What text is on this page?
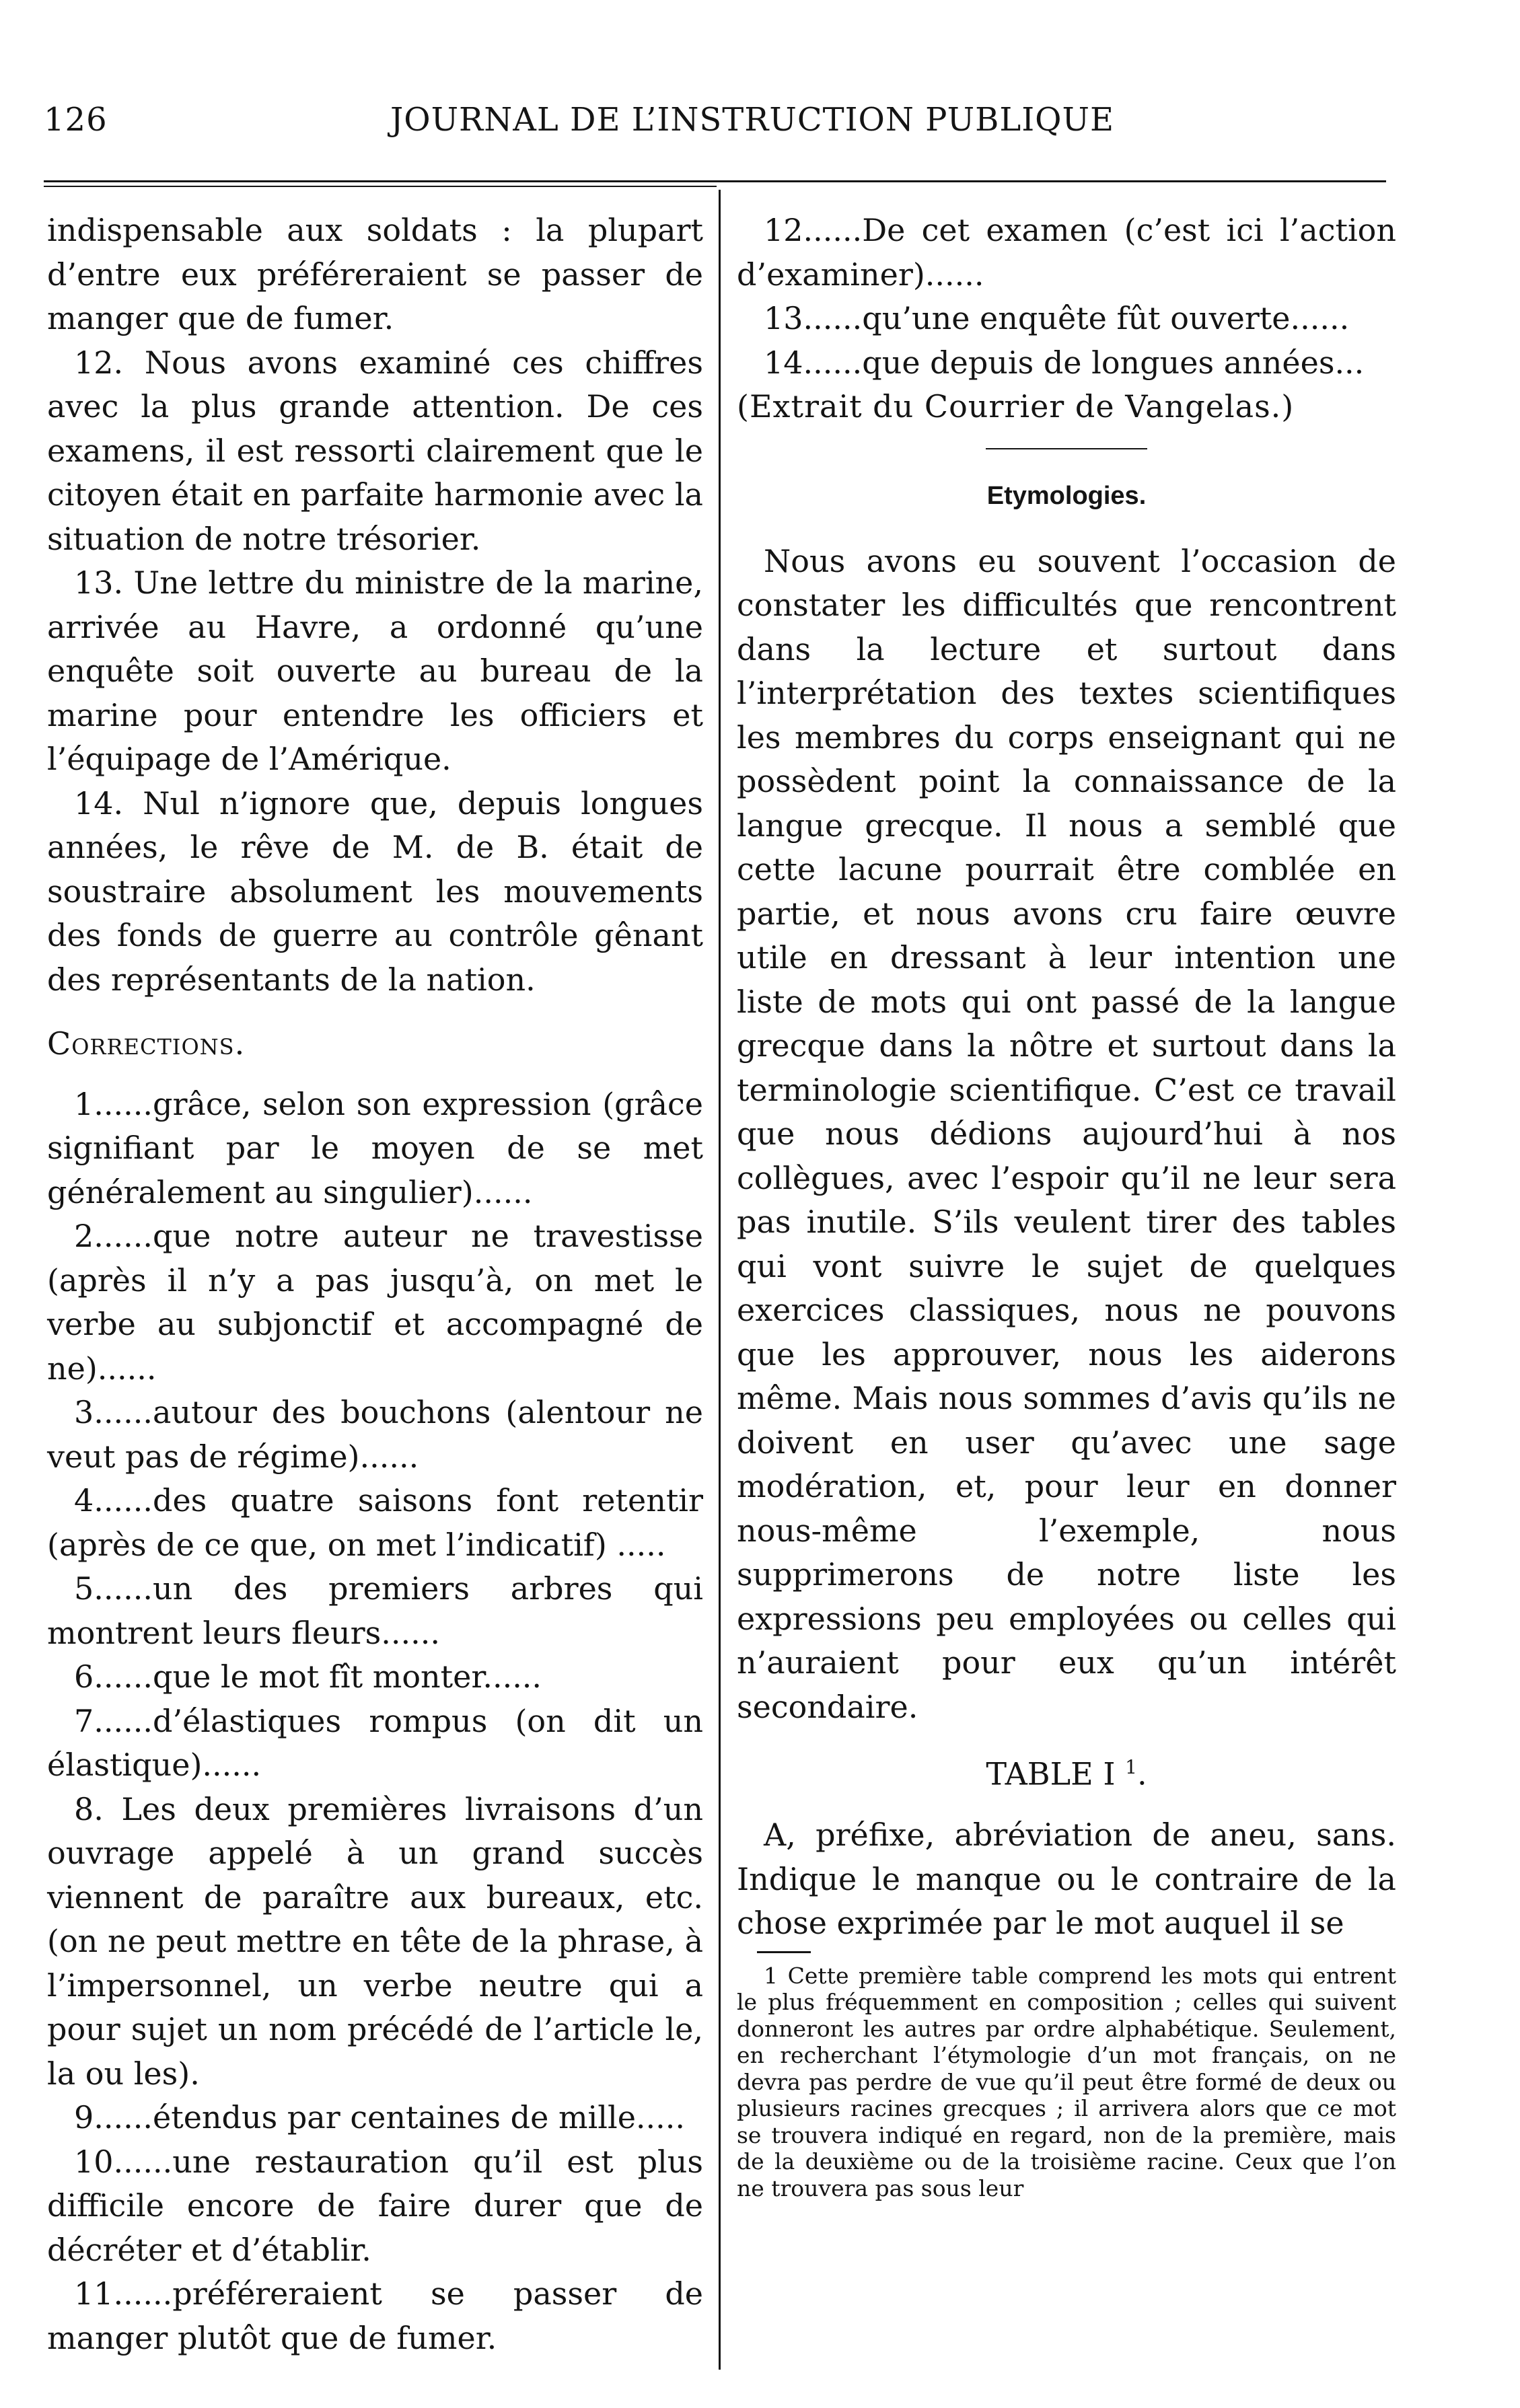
126	JOURNAL DE L’INSTRUCTION PUBLIQUE

indispensable aux soldats : la plupart d’entre eux préféreraient se passer de manger que de fumer.

12. Nous avons examiné ces chiffres avec la plus grande attention. De ces examens, il est ressorti clairement que le citoyen était en parfaite harmonie avec la situation de notre trésorier.

13. Une lettre du ministre de la marine, arrivée au Havre, a ordonné qu’une enquête soit ouverte au bureau de la marine pour entendre les officiers et l’équipage de l’Amérique.

14. Nul n’ignore que, depuis longues années, le rêve de M. de B. était de soustraire absolument les mouvements des fonds de guerre au contrôle gênant des représentants de la nation.

Corrections.

1......grâce, selon son expression (grâce signifiant par le moyen de se met généralement au singulier)......

2......que notre auteur ne travestisse (après il n’y a pas jusqu’à, on met le verbe au subjonctif et accompagné de ne)......

3......autour des bouchons (alentour ne veut pas de régime)......

4......des quatre saisons font retentir (après de ce que, on met l’indicatif) .....

5......un des premiers arbres qui montrent leurs fleurs......

6......que le mot fît monter......

7......d’élastiques rompus (on dit un élastique)......

8. Les deux premières livraisons d’un ouvrage appelé à un grand succès viennent de paraître aux bureaux, etc. (on ne peut mettre en tête de la phrase, à l’impersonnel, un verbe neutre qui a pour sujet un nom précédé de l’article le, la ou les).

9......étendus par centaines de mille.....

10......une restauration qu’il est plus difficile encore de faire durer que de décréter et d’établir.

11......préféreraient se passer de manger plutôt que de fumer.

12......De cet examen (c’est ici l’action d’examiner)......

13......qu’une enquête fût ouverte......

14......que depuis de longues années...

(Extrait du Courrier de Vangelas.)

Etymologies.

Nous avons eu souvent l’occasion de constater les difficultés que rencontrent dans la lecture et surtout dans l’interprétation des textes scientifiques les membres du corps enseignant qui ne possèdent point la connaissance de la langue grecque. Il nous a semblé que cette lacune pourrait être comblée en partie, et nous avons cru faire œuvre utile en dressant à leur intention une liste de mots qui ont passé de la langue grecque dans la nôtre et surtout dans la terminologie scientifique. C’est ce travail que nous dédions aujourd’hui à nos collègues, avec l’espoir qu’il ne leur sera pas inutile. S’ils veulent tirer des tables qui vont suivre le sujet de quelques exercices classiques, nous ne pouvons que les approuver, nous les aiderons même. Mais nous sommes d’avis qu’ils ne doivent en user qu’avec une sage modération, et, pour leur en donner nous-même l’exemple, nous supprimerons de notre liste les expressions peu employées ou celles qui n’auraient pour eux qu’un intérêt secondaire.

TABLE I $^1$.

A, préfixe, abréviation de aneu, sans. Indique le manque ou le contraire de la chose exprimée par le mot auquel il se

1 Cette première table comprend les mots qui entrent le plus fréquemment en composition ; celles qui suivent donneront les autres par ordre alphabétique. Seulement, en recherchant l’étymologie d’un mot français, on ne devra pas perdre de vue qu’il peut être formé de deux ou plusieurs racines grecques ; il arrivera alors que ce mot se trouvera indiqué en regard, non de la première, mais de la deuxième ou de la troisième racine. Ceux que l’on ne trouvera pas sous leur
